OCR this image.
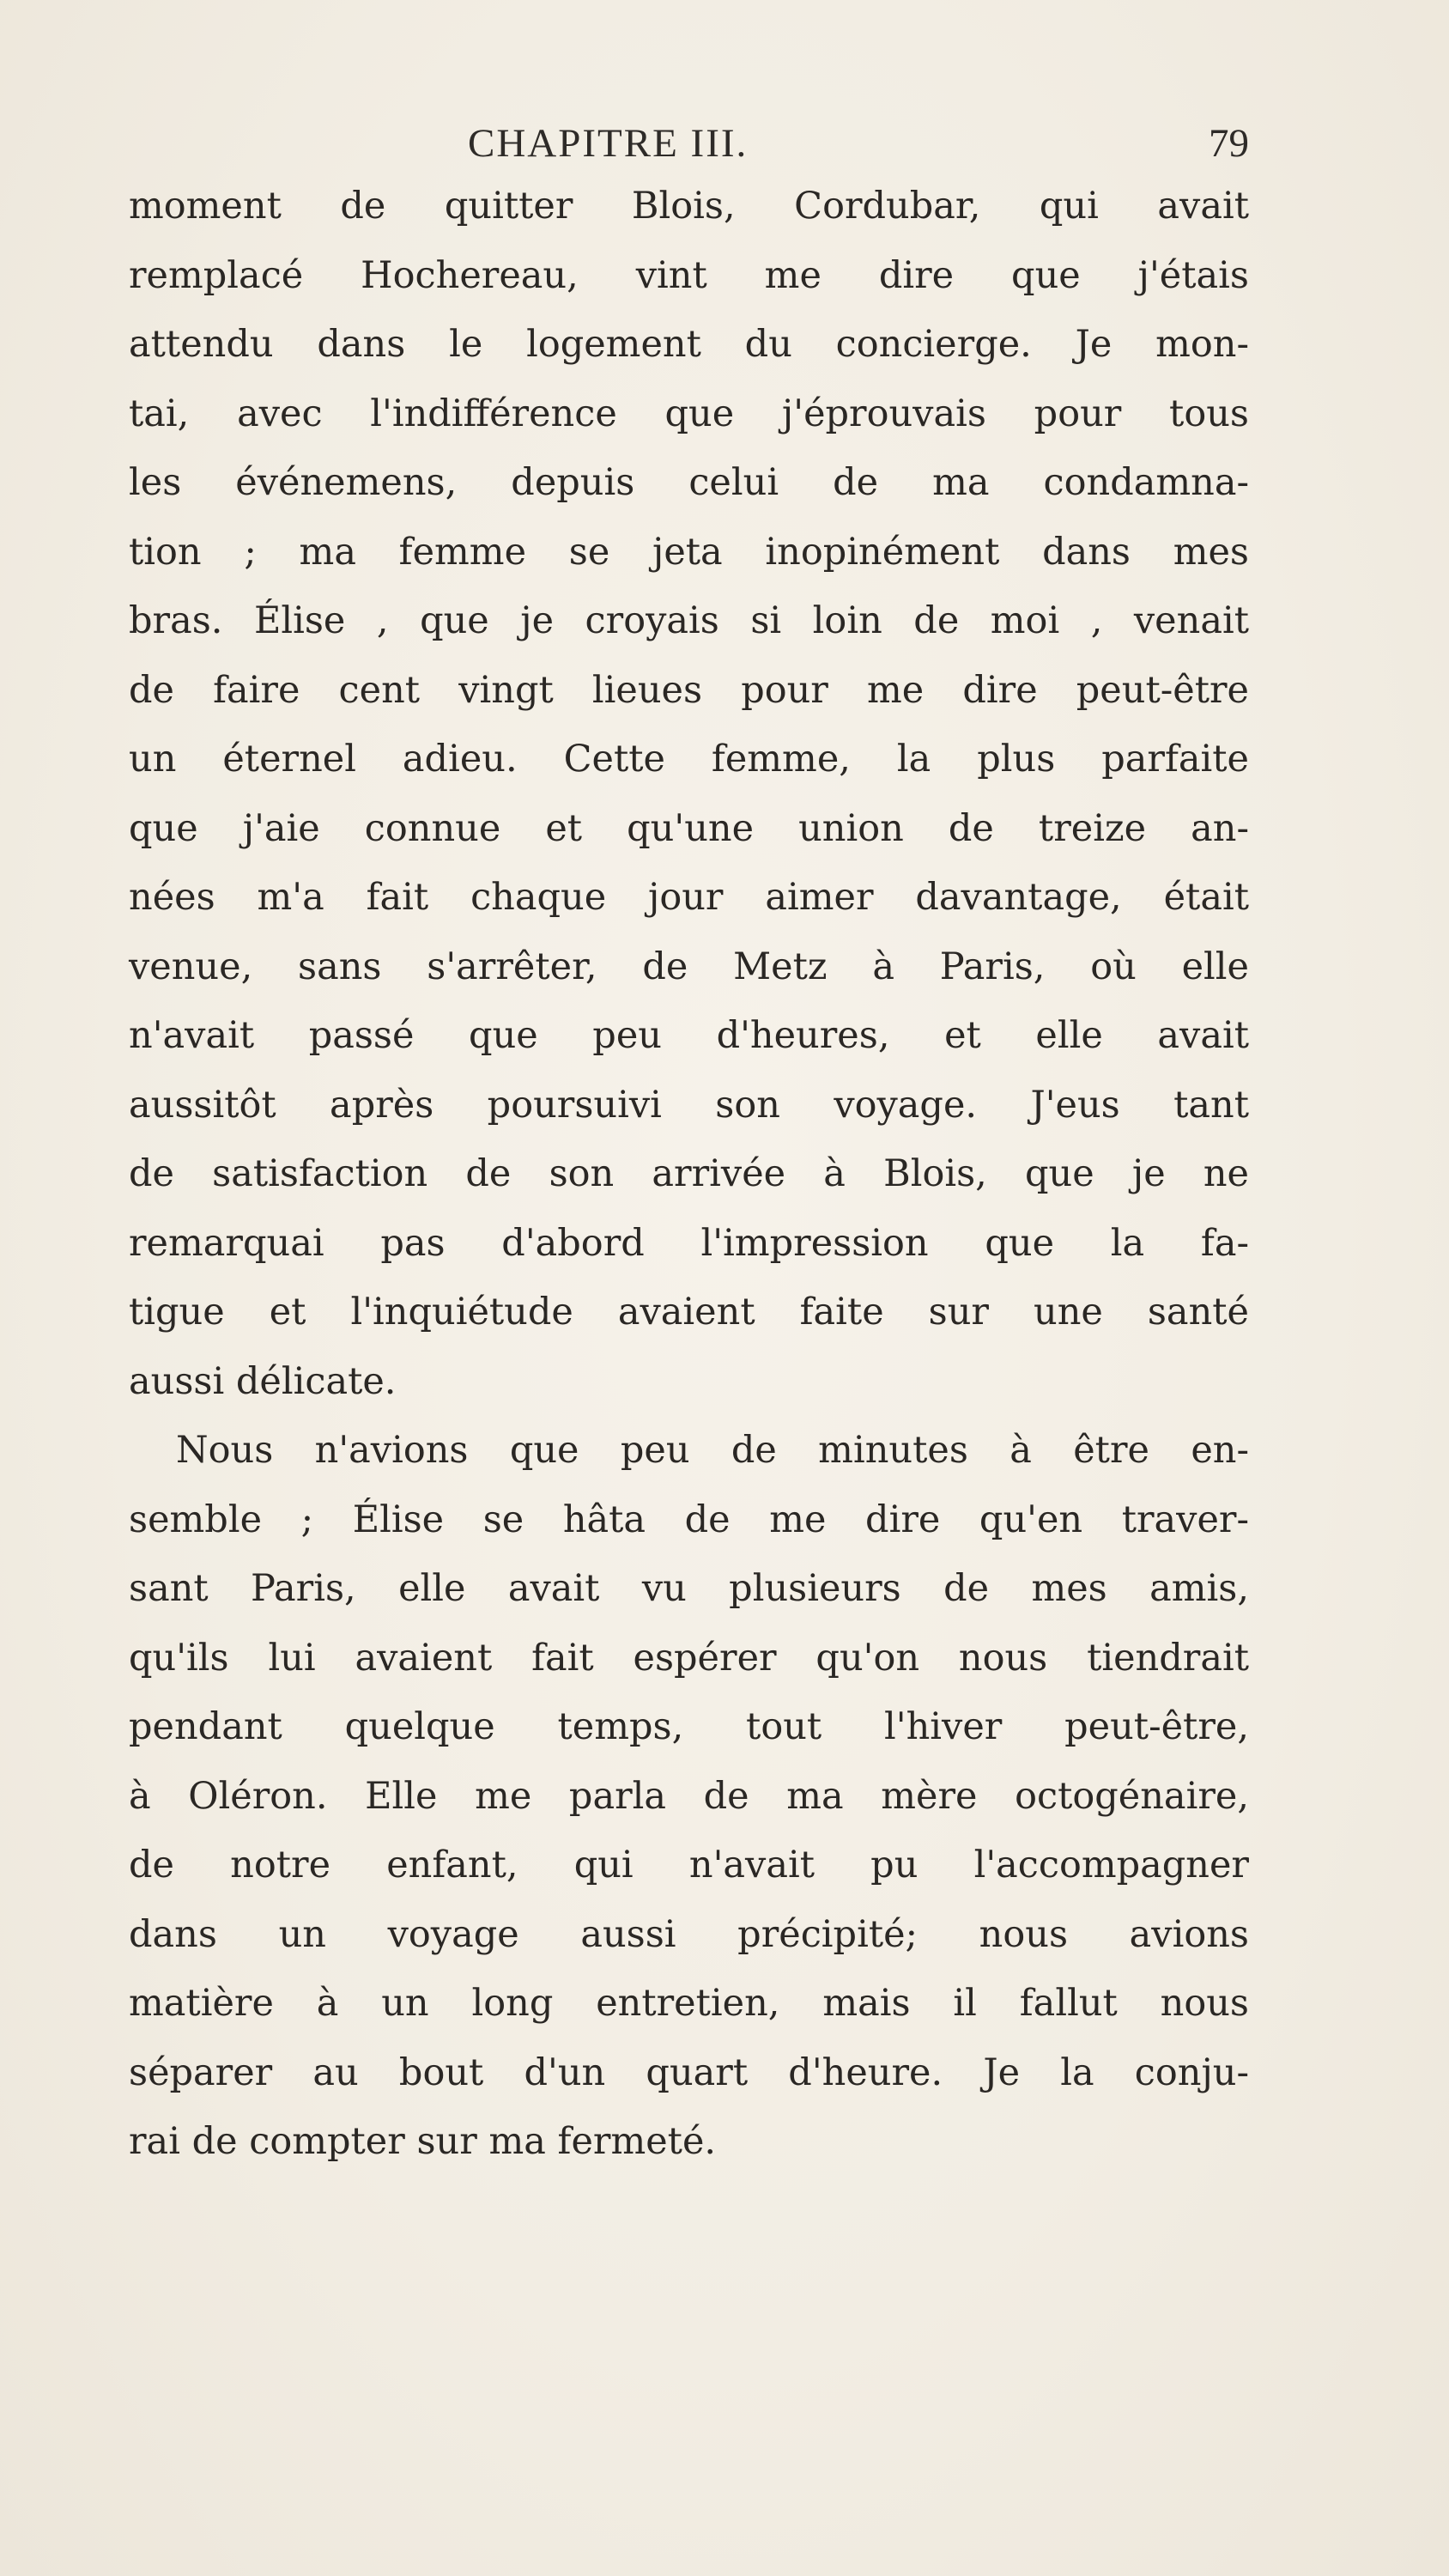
CHAPITRE III.	79
moment de quitter Blois, Cordubar, qui avait
remplacé Hochereau, vint me dire que j'étais
attendu dans le logement du concierge. Je mon-
tai, avec l'indifférence que j'éprouvais pour tous
les événemens, depuis celui de ma condamna-
tion ; ma femme se jeta inopinément dans mes
bras. Élise , que je croyais si loin de moi , venait
de faire cent vingt lieues pour me dire peut-être
un éternel adieu. Cette femme, la plus parfaite
que j'aie connue et qu'une union de treize an-
nées m'a fait chaque jour aimer davantage, était
venue, sans s'arrêter, de Metz à Paris, où elle
n'avait passé que peu d'heures, et elle avait
aussitôt après poursuivi son voyage. J'eus tant
de satisfaction de son arrivée à Blois, que je ne
remarquai pas d'abord l'impression que la fa-
tigue et l'inquiétude avaient faite sur une santé
aussi délicate.
Nous n'avions que peu de minutes à être en-
semble ; Élise se hâta de me dire qu'en traver-
sant Paris, elle avait vu plusieurs de mes amis,
qu'ils lui avaient fait espérer qu'on nous tiendrait
pendant quelque temps, tout l'hiver peut-être,
à Oléron. Elle me parla de ma mère octogénaire,
de notre enfant, qui n'avait pu l'accompagner
dans un voyage aussi précipité; nous avions
matière à un long entretien, mais il fallut nous
séparer au bout d'un quart d'heure. Je la conju-
rai de compter sur ma fermeté.
